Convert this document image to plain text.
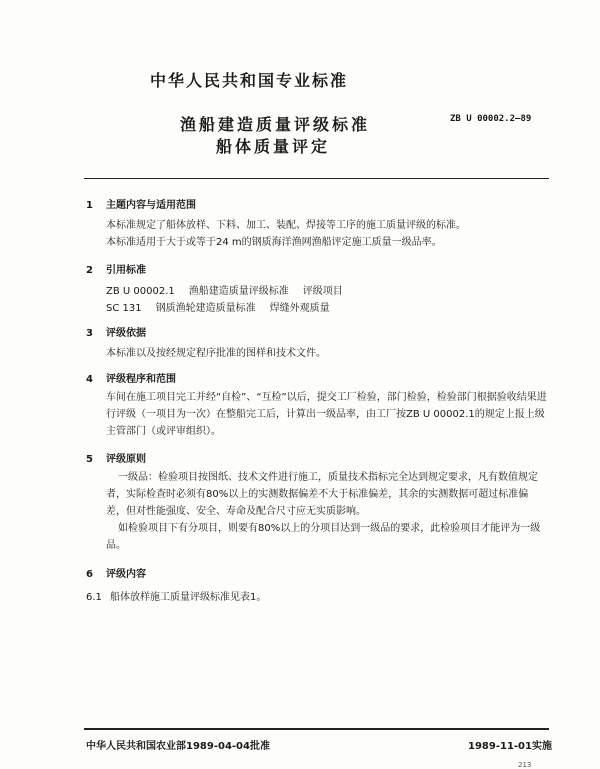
中华人民共和国专业标准
渔船建造质量评级标准
船体质量评定
ZB U 00002.2—89
1 主题内容与适用范围
本标准规定了船体放样、下料、加工、装配、焊接等工序的施工质量评级的标准。
本标准适用于大于或等于24 m的钢质海洋渔网渔船评定施工质量一级品率。
2 引用标准
ZB U 00002.1 渔船建造质量评级标准 评级项目
SC 131 钢质渔轮建造质量标准 焊缝外观质量
3 评级依据
本标准以及按经规定程序批准的图样和技术文件。
4 评级程序和范围
车间在施工项目完工并经“自检”、“互检”以后，提交工厂检验，部门检验，检验部门根据验收结果进行评级（一项目为一次）在整船完工后，计算出一级品率，由工厂按ZB U 00002.1的规定上报上级主管部门（或评审组织）。
5 评级原则
一级品：检验项目按图纸、技术文件进行施工，质量技术指标完全达到规定要求，凡有数值规定者，实际检查时必须有80%以上的实测数据偏差不大于标准偏差，其余的实测数据可超过标准偏差，但对性能强度、安全、寿命及配合尺寸应无实质影响。
如检验项目下有分项目，则要有80%以上的分项目达到一级品的要求，此检验项目才能评为一级品。
6 评级内容
6.1 船体放样施工质量评级标准见表1。
中华人民共和国农业部1989-04-04批准	1989-11-01实施
213
